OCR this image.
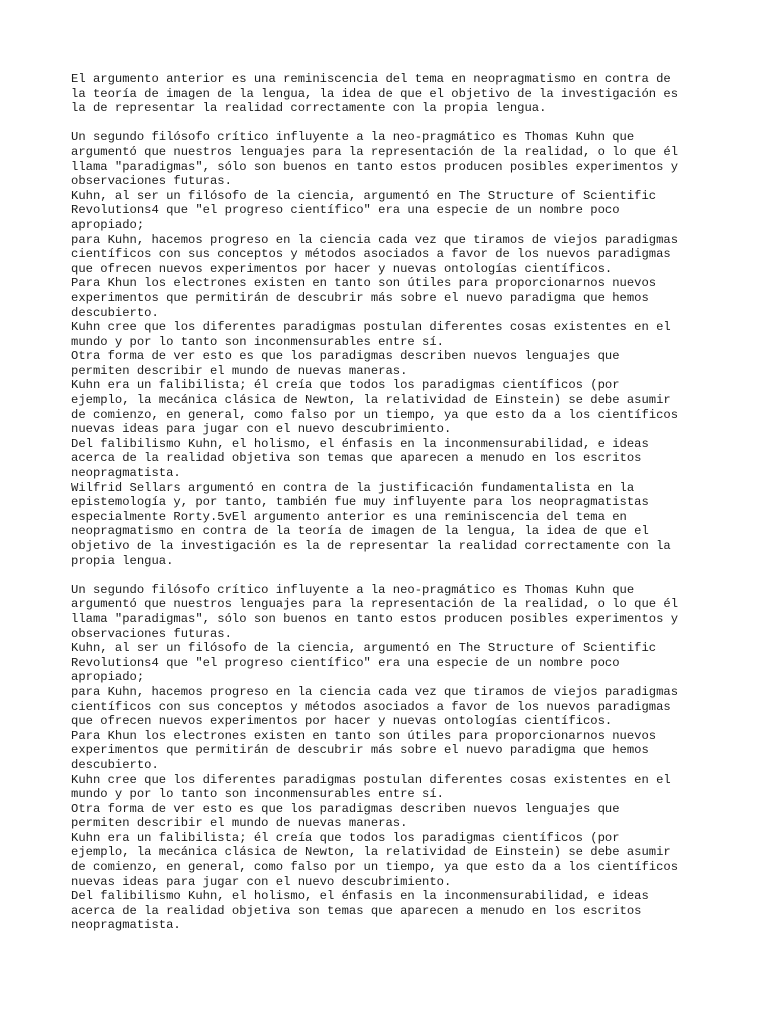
El argumento anterior es una reminiscencia del tema en neopragmatismo en contra de
la teoría de imagen de la lengua, la idea de que el objetivo de la investigación es
la de representar la realidad correctamente con la propia lengua.
Un segundo filósofo crítico influyente a la neo-pragmático es Thomas Kuhn que
argumentó que nuestros lenguajes para la representación de la realidad, o lo que él
llama "paradigmas", sólo son buenos en tanto estos producen posibles experimentos y
observaciones futuras.
Kuhn, al ser un filósofo de la ciencia, argumentó en The Structure of Scientific
Revolutions4 que "el progreso científico" era una especie de un nombre poco
apropiado;
para Kuhn, hacemos progreso en la ciencia cada vez que tiramos de viejos paradigmas
científicos con sus conceptos y métodos asociados a favor de los nuevos paradigmas
que ofrecen nuevos experimentos por hacer y nuevas ontologías científicos.
Para Khun los electrones existen en tanto son útiles para proporcionarnos nuevos
experimentos que permitirán de descubrir más sobre el nuevo paradigma que hemos
descubierto.
Kuhn cree que los diferentes paradigmas postulan diferentes cosas existentes en el
mundo y por lo tanto son inconmensurables entre sí.
Otra forma de ver esto es que los paradigmas describen nuevos lenguajes que
permiten describir el mundo de nuevas maneras.
Kuhn era un falibilista; él creía que todos los paradigmas científicos (por
ejemplo, la mecánica clásica de Newton, la relatividad de Einstein) se debe asumir
de comienzo, en general, como falso por un tiempo, ya que esto da a los científicos
nuevas ideas para jugar con el nuevo descubrimiento.
Del falibilismo Kuhn, el holismo, el énfasis en la inconmensurabilidad, e ideas
acerca de la realidad objetiva son temas que aparecen a menudo en los escritos
neopragmatista.
Wilfrid Sellars argumentó en contra de la justificación fundamentalista en la
epistemología y, por tanto, también fue muy influyente para los neopragmatistas
especialmente Rorty.5vEl argumento anterior es una reminiscencia del tema en
neopragmatismo en contra de la teoría de imagen de la lengua, la idea de que el
objetivo de la investigación es la de representar la realidad correctamente con la
propia lengua.
Un segundo filósofo crítico influyente a la neo-pragmático es Thomas Kuhn que
argumentó que nuestros lenguajes para la representación de la realidad, o lo que él
llama "paradigmas", sólo son buenos en tanto estos producen posibles experimentos y
observaciones futuras.
Kuhn, al ser un filósofo de la ciencia, argumentó en The Structure of Scientific
Revolutions4 que "el progreso científico" era una especie de un nombre poco
apropiado;
para Kuhn, hacemos progreso en la ciencia cada vez que tiramos de viejos paradigmas
científicos con sus conceptos y métodos asociados a favor de los nuevos paradigmas
que ofrecen nuevos experimentos por hacer y nuevas ontologías científicos.
Para Khun los electrones existen en tanto son útiles para proporcionarnos nuevos
experimentos que permitirán de descubrir más sobre el nuevo paradigma que hemos
descubierto.
Kuhn cree que los diferentes paradigmas postulan diferentes cosas existentes en el
mundo y por lo tanto son inconmensurables entre sí.
Otra forma de ver esto es que los paradigmas describen nuevos lenguajes que
permiten describir el mundo de nuevas maneras.
Kuhn era un falibilista; él creía que todos los paradigmas científicos (por
ejemplo, la mecánica clásica de Newton, la relatividad de Einstein) se debe asumir
de comienzo, en general, como falso por un tiempo, ya que esto da a los científicos
nuevas ideas para jugar con el nuevo descubrimiento.
Del falibilismo Kuhn, el holismo, el énfasis en la inconmensurabilidad, e ideas
acerca de la realidad objetiva son temas que aparecen a menudo en los escritos
neopragmatista.
